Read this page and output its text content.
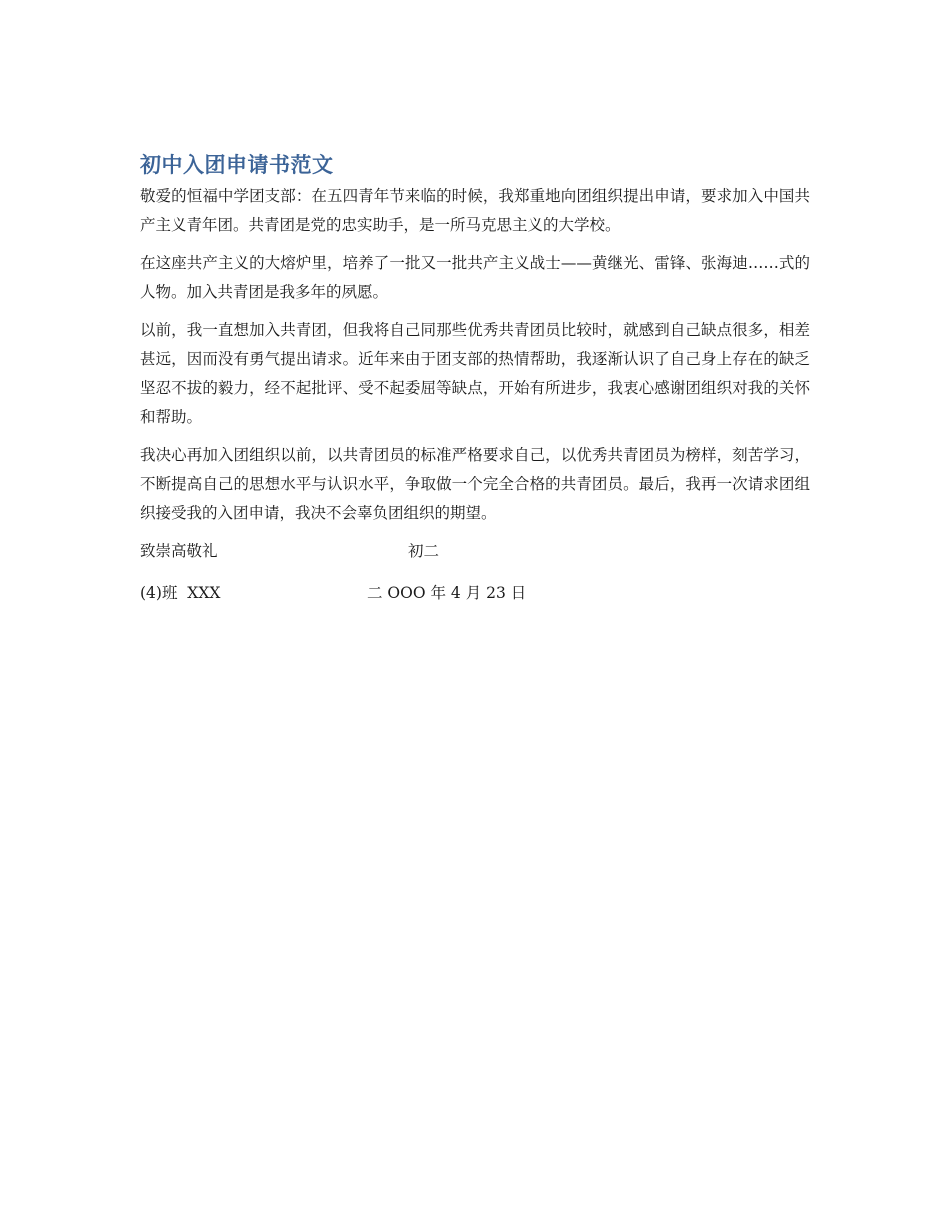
初中入团申请书范文

敬爱的恒福中学团支部：在五四青年节来临的时候，我郑重地向团组织提出申请，要求加入中国共产主义青年团。共青团是党的忠实助手，是一所马克思主义的大学校。

在这座共产主义的大熔炉里，培养了一批又一批共产主义战士——黄继光、雷锋、张海迪……式的人物。加入共青团是我多年的夙愿。

以前，我一直想加入共青团，但我将自己同那些优秀共青团员比较时，就感到自己缺点很多，相差甚远，因而没有勇气提出请求。近年来由于团支部的热情帮助，我逐渐认识了自己身上存在的缺乏坚忍不拔的毅力，经不起批评、受不起委屈等缺点，开始有所进步，我衷心感谢团组织对我的关怀和帮助。

我决心再加入团组织以前，以共青团员的标准严格要求自己，以优秀共青团员为榜样，刻苦学习，不断提高自己的思想水平与认识水平，争取做一个完全合格的共青团员。最后，我再一次请求团组织接受我的入团申请，我决不会辜负团组织的期望。

致崇高敬礼	初二
(4)班  XXX	二 OOO 年 4 月 23 日
